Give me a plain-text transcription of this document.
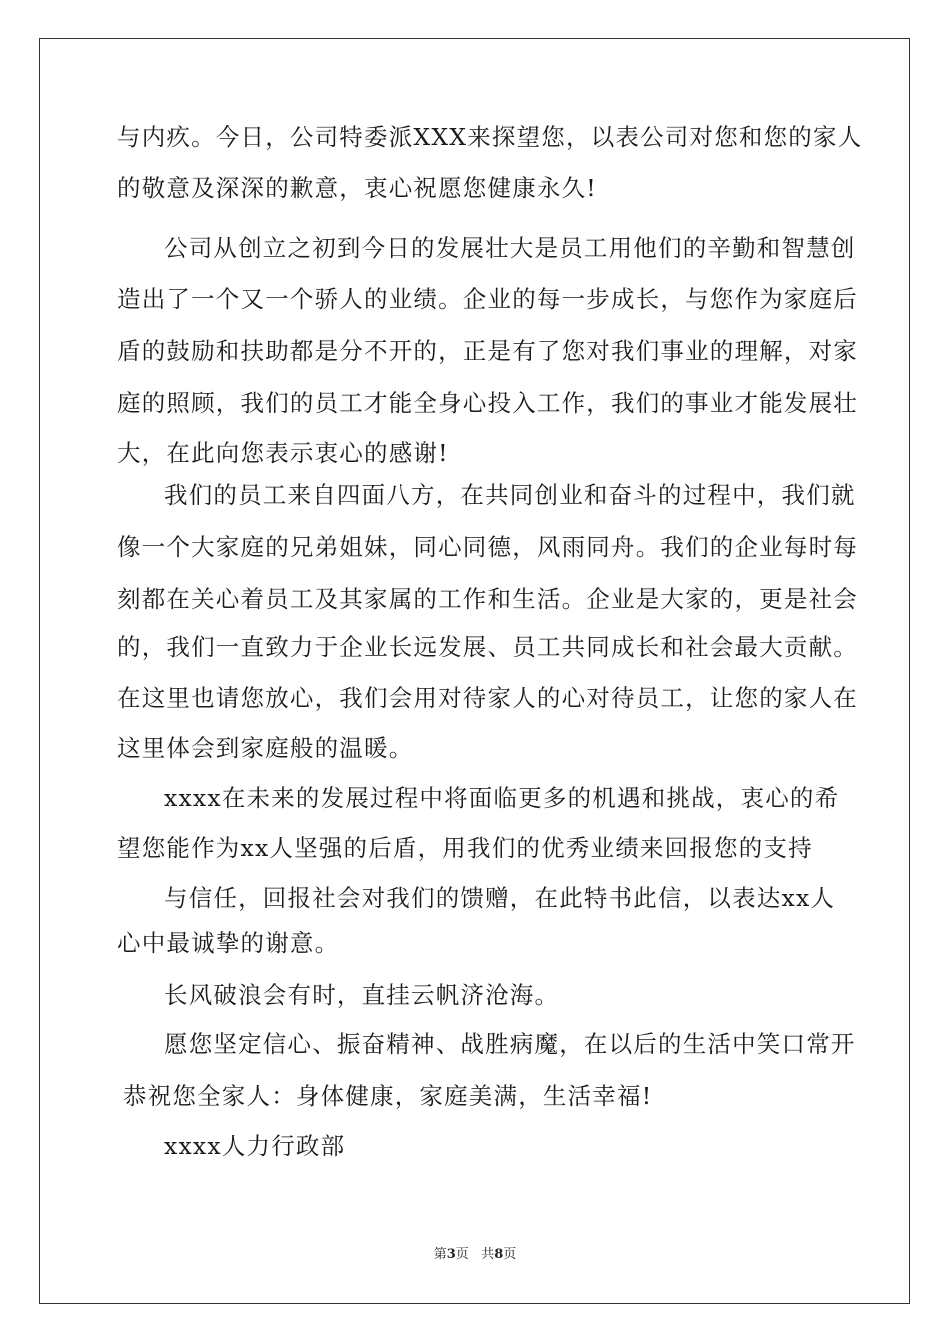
与内疚。今日，公司特委派XXX来探望您，以表公司对您和您的家人
的敬意及深深的歉意，衷心祝愿您健康永久!
公司从创立之初到今日的发展壮大是员工用他们的辛勤和智慧创
造出了一个又一个骄人的业绩。企业的每一步成长，与您作为家庭后
盾的鼓励和扶助都是分不开的，正是有了您对我们事业的理解，对家
庭的照顾，我们的员工才能全身心投入工作，我们的事业才能发展壮
大，在此向您表示衷心的感谢!
我们的员工来自四面八方，在共同创业和奋斗的过程中，我们就
像一个大家庭的兄弟姐妹，同心同德，风雨同舟。我们的企业每时每
刻都在关心着员工及其家属的工作和生活。企业是大家的，更是社会
的，我们一直致力于企业长远发展、员工共同成长和社会最大贡献。
在这里也请您放心，我们会用对待家人的心对待员工，让您的家人在
这里体会到家庭般的温暖。
xxxx在未来的发展过程中将面临更多的机遇和挑战，衷心的希
望您能作为xx人坚强的后盾，用我们的优秀业绩来回报您的支持
与信任，回报社会对我们的馈赠，在此特书此信，以表达xx人
心中最诚挚的谢意。
长风破浪会有时，直挂云帆济沧海。
愿您坚定信心、振奋精神、战胜病魔，在以后的生活中笑口常开
恭祝您全家人：身体健康，家庭美满，生活幸福!
xxxx人力行政部
第3页 共8页
